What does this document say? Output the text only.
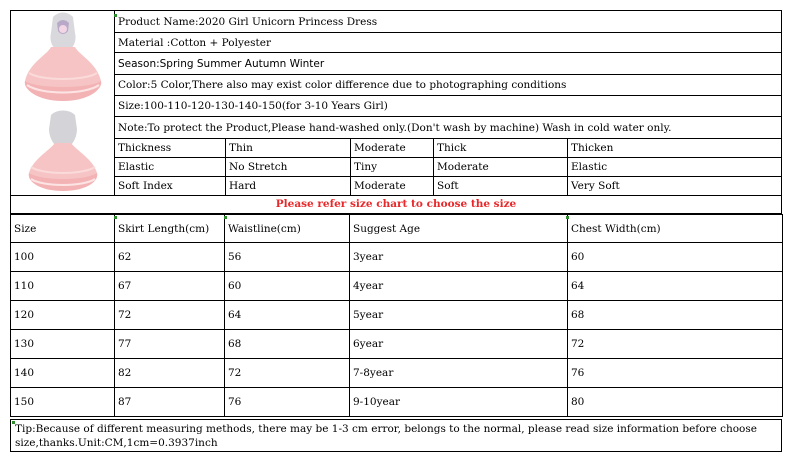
Product Name:2020 Girl Unicorn Princess Dress
Material :Cotton + Polyester
Season:Spring Summer Autumn Winter
Color:5 Color,There also may exist color difference due to photographing conditions
Size:100-110-120-130-140-150(for 3-10 Years Girl)
Note:To protect the Product,Please hand-washed only.(Don't wash by machine) Wash in cold water only.
Thickness	Thin	Moderate	Thick	Thicken
Elastic	No Stretch	Tiny	Moderate	Elastic
Soft Index	Hard	Moderate	Soft	Very Soft
Please refer size chart to choose the size
Size	Skirt Length(cm)	Waistline(cm)	Suggest Age	Chest Width(cm)
100	62	56	3year	60
110	67	60	4year	64
120	72	64	5year	68
130	77	68	6year	72
140	82	72	7-8year	76
150	87	76	9-10year	80
Tip:Because of different measuring methods, there may be 1-3 cm error, belongs to the normal, please read size information before choose size,thanks.Unit:CM,1cm=0.3937inch
